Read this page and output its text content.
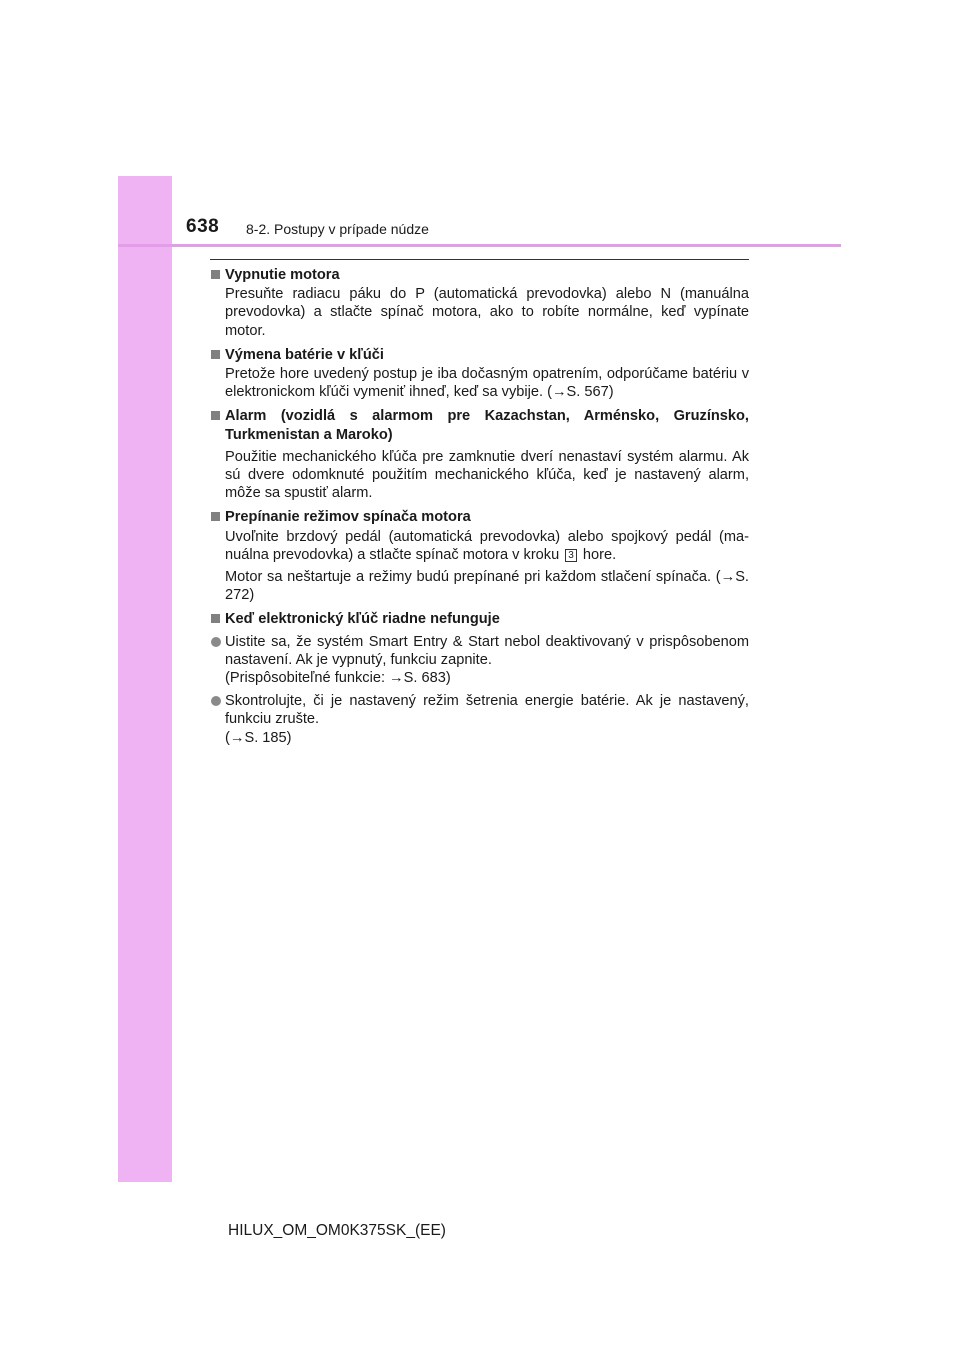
638 8-2. Postupy v prípade núdze
Vypnutie motora
Presuňte radiacu páku do P (automatická prevodovka) alebo N (manuálna prevodovka) a stlačte spínač motora, ako to robíte normálne, keď vypínate motor.
Výmena batérie v kľúči
Pretože hore uvedený postup je iba dočasným opatrením, odporúčame batériu v elektronickom kľúči vymeniť ihneď, keď sa vybije. (→S. 567)
Alarm (vozidlá s alarmom pre Kazachstan, Arménsko, Gruzínsko, Turkmenistan a Maroko)
Použitie mechanického kľúča pre zamknutie dverí nenastaví systém alarmu. Ak sú dvere odomknuté použitím mechanického kľúča, keď je nastavený alarm, môže sa spustiť alarm.
Prepínanie režimov spínača motora
Uvoľnite brzdový pedál (automatická prevodovka) alebo spojkový pedál (manuálna prevodovka) a stlačte spínač motora v kroku 3 hore.
Motor sa neštartuje a režimy budú prepínané pri každom stlačení spínača. (→S. 272)
Keď elektronický kľúč riadne nefunguje
Uistite sa, že systém Smart Entry & Start nebol deaktivovaný v prispôsobenom nastavení. Ak je vypnutý, funkciu zapnite.
(Prispôsobiteľné funkcie: →S. 683)
Skontrolujte, či je nastavený režim šetrenia energie batérie. Ak je nastavený, funkciu zrušte.
(→S. 185)
HILUX_OM_OM0K375SK_(EE)
